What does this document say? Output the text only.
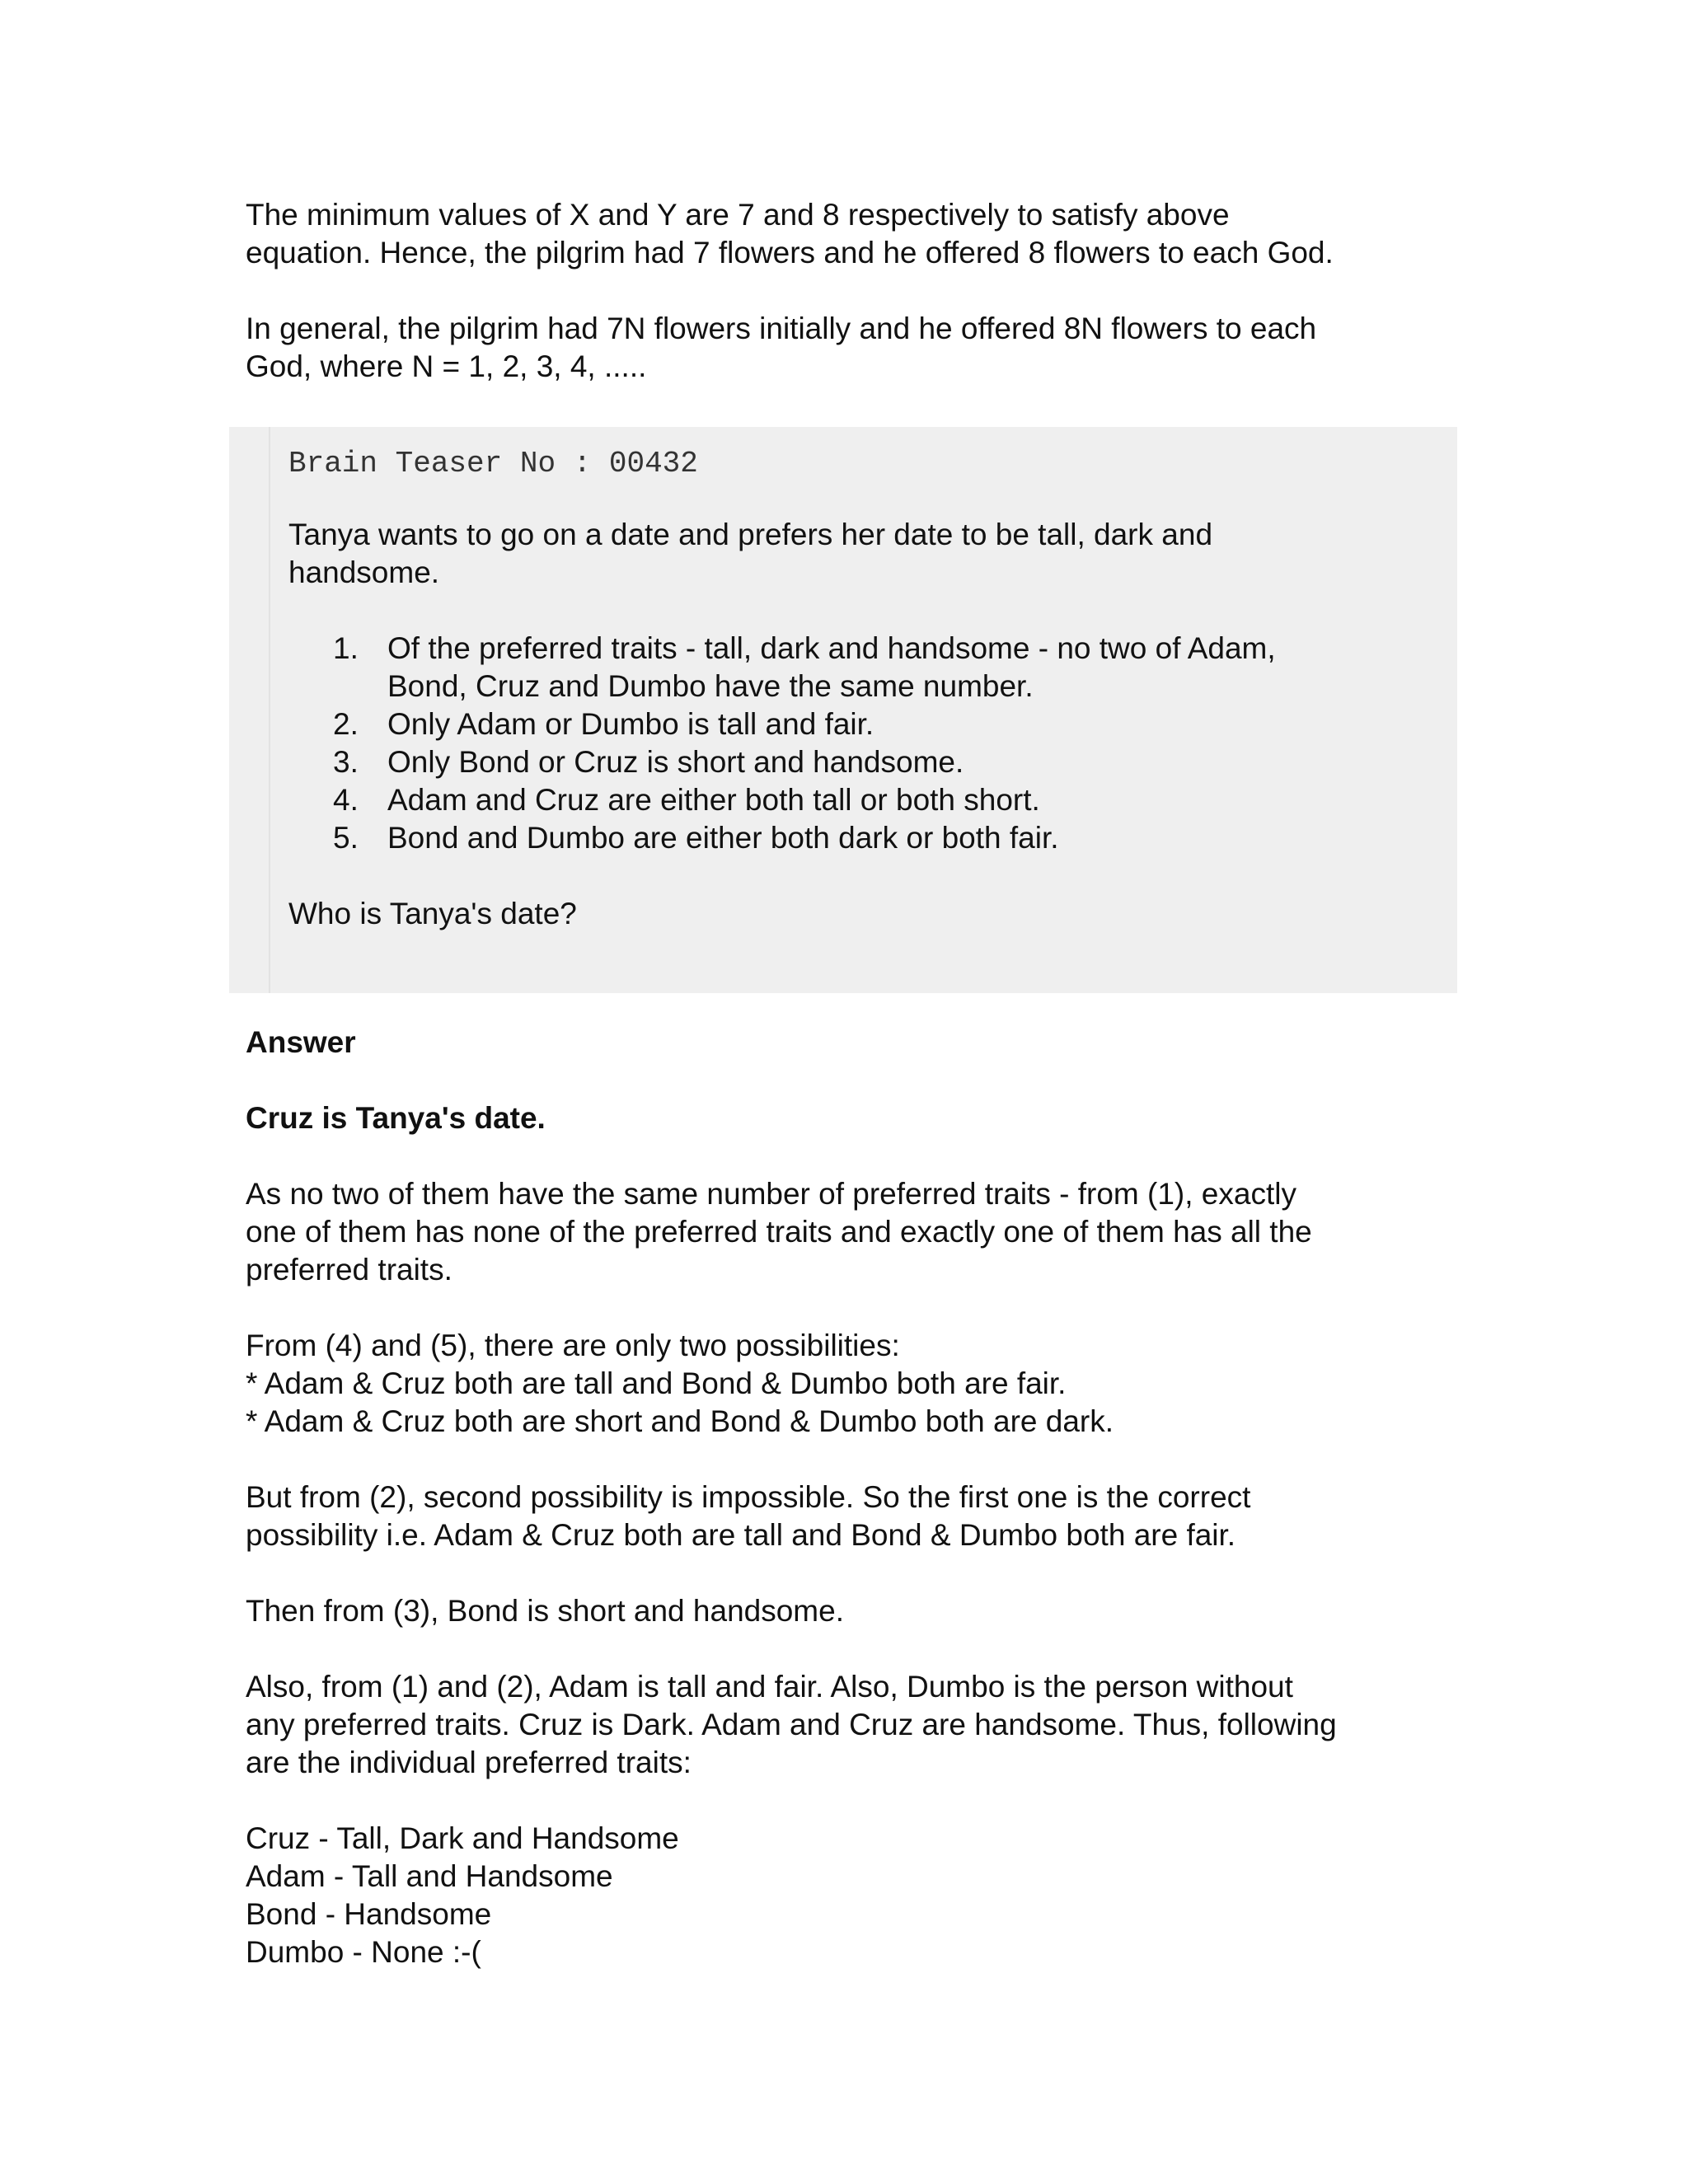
The minimum values of X and Y are 7 and 8 respectively to satisfy above
equation. Hence, the pilgrim had 7 flowers and he offered 8 flowers to each God.

In general, the pilgrim had 7N flowers initially and he offered 8N flowers to each
God, where N = 1, 2, 3, 4, .....

Brain Teaser No : 00432

Tanya wants to go on a date and prefers her date to be tall, dark and
handsome.

1. Of the preferred traits - tall, dark and handsome - no two of Adam,
Bond, Cruz and Dumbo have the same number.
2. Only Adam or Dumbo is tall and fair.
3. Only Bond or Cruz is short and handsome.
4. Adam and Cruz are either both tall or both short.
5. Bond and Dumbo are either both dark or both fair.

Who is Tanya's date?

Answer

Cruz is Tanya's date.

As no two of them have the same number of preferred traits - from (1), exactly
one of them has none of the preferred traits and exactly one of them has all the
preferred traits.

From (4) and (5), there are only two possibilities:
* Adam & Cruz both are tall and Bond & Dumbo both are fair.
* Adam & Cruz both are short and Bond & Dumbo both are dark.

But from (2), second possibility is impossible. So the first one is the correct
possibility i.e. Adam & Cruz both are tall and Bond & Dumbo both are fair.

Then from (3), Bond is short and handsome.

Also, from (1) and (2), Adam is tall and fair. Also, Dumbo is the person without
any preferred traits. Cruz is Dark. Adam and Cruz are handsome. Thus, following
are the individual preferred traits:

Cruz - Tall, Dark and Handsome
Adam - Tall and Handsome
Bond - Handsome
Dumbo - None :-(
